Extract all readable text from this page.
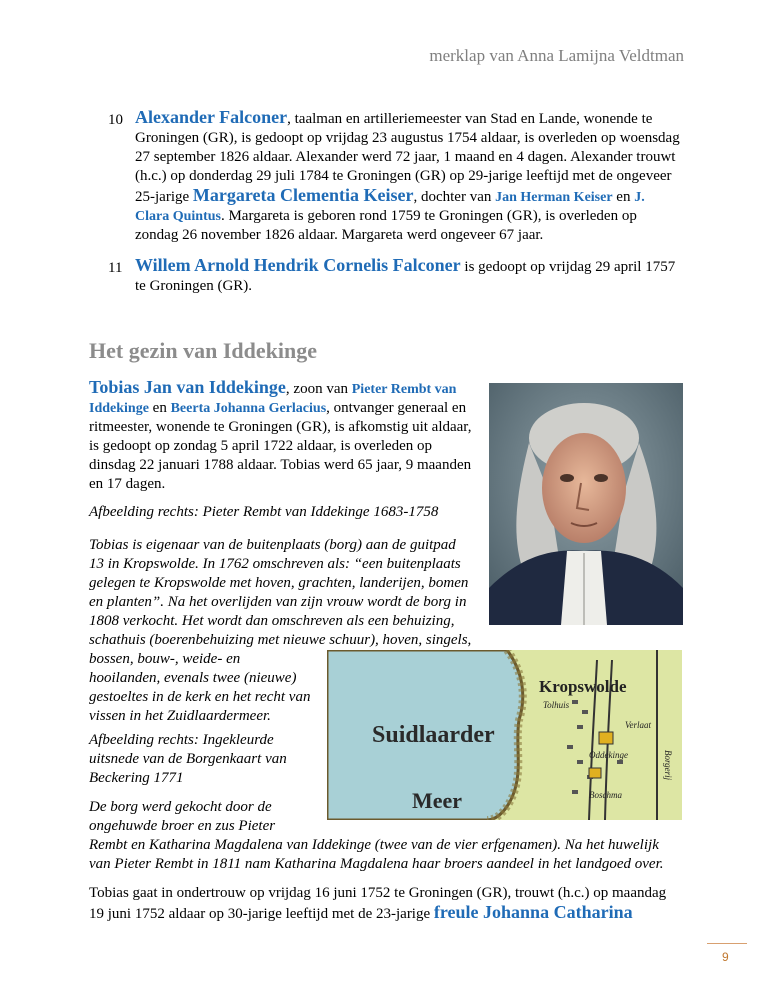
merklap van Anna Lamijna Veldtman
10 Alexander Falconer, taalman en artilleriemeester van Stad en Lande, wonende te Groningen (GR), is gedoopt op vrijdag 23 augustus 1754 aldaar, is overleden op woensdag 27 september 1826 aldaar. Alexander werd 72 jaar, 1 maand en 4 dagen. Alexander trouwt (h.c.) op donderdag 29 juli 1784 te Groningen (GR) op 29-jarige leeftijd met de ongeveer 25-jarige Margareta Clementia Keiser, dochter van Jan Herman Keiser en J. Clara Quintus. Margareta is geboren rond 1759 te Groningen (GR), is overleden op zondag 26 november 1826 aldaar. Margareta werd ongeveer 67 jaar.
11 Willem Arnold Hendrik Cornelis Falconer is gedoopt op vrijdag 29 april 1757 te Groningen (GR).
Het gezin van Iddekinge
Tobias Jan van Iddekinge, zoon van Pieter Rembt van Iddekinge en Beerta Johanna Gerlacius, ontvanger generaal en ritmeester, wonende te Groningen (GR), is afkomstig uit aldaar, is gedoopt op zondag 5 april 1722 aldaar, is overleden op dinsdag 22 januari 1788 aldaar. Tobias werd 65 jaar, 9 maanden en 17 dagen.
Afbeelding rechts: Pieter Rembt van Iddekinge 1683-1758
Tobias is eigenaar van de buitenplaats (borg) aan de guitpad
13 in Kropswolde. In 1762 omschreven als: “een buitenplaats
gelegen te Kropswolde met hoven, grachten, landerijen, bomen
en planten”. Na het overlijden van zijn vrouw wordt de borg in
1808 verkocht. Het wordt dan omschreven als een behuizing,
schathuis (boerenbehuizing met nieuwe schuur), hoven, singels,
bossen, bouw-, weide- en
hooilanden, evenals twee (nieuwe)
gestoeltes in de kerk en het recht van
vissen in het Zuidlaardermeer.
Afbeelding rechts: Ingekleurde
uitsnede van de Borgenkaart van
Beckering 1771
De borg werd gekocht door de
ongehuwde broer en zus Pieter
Rembt en Katharina Magdalena van Iddekinge (twee van de vier erfgenamen). Na het huwelijk
van Pieter Rembt in 1811 nam Katharina Magdalena haar broers aandeel in het landgoed over.
Tobias gaat in ondertrouw op vrijdag 16 juni 1752 te Groningen (GR), trouwt (h.c.) op maandag
19 juni 1752 aldaar op 30-jarige leeftijd met de 23-jarige freule Johanna Catharina
Suidlaarder
Meer
Kropswolde
Tolhuis
Verlaat
Oddekinge
Boschma
Borgerij
9
